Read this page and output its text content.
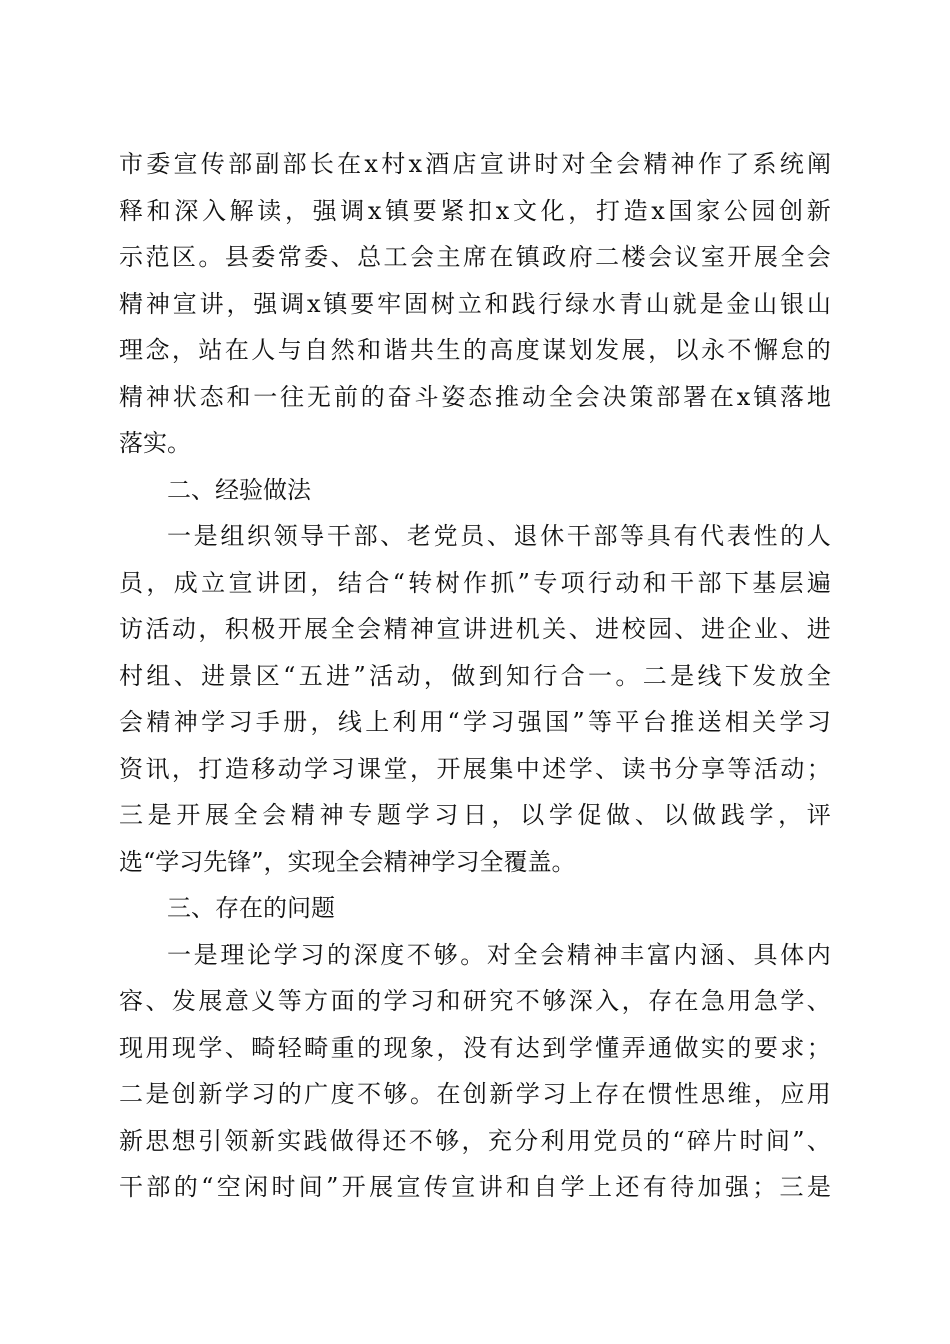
市 委 宣 传 部 副 部 长 在 x 村 x 酒 店 宣 讲 时 对 全 会 精 神 作 了 系 统 阐
释 和 深 入 解 读 ， 强 调 x 镇 要 紧 扣 x 文 化 ， 打 造 x 国 家 公 园 创 新
示 范 区 。 县 委 常 委 、 总 工 会 主 席 在 镇 政 府 二 楼 会 议 室 开 展 全 会
精 神 宣 讲 ， 强 调 x 镇 要 牢 固 树 立 和 践 行 绿 水 青 山 就 是 金 山 银 山
理 念 ， 站 在 人 与 自 然 和 谐 共 生 的 高 度 谋 划 发 展 ， 以 永 不 懈 怠 的
精 神 状 态 和 一 往 无 前 的 奋 斗 姿 态 推 动 全 会 决 策 部 署 在 x 镇 落 地
落实。
二、经验做法
一 是 组 织 领 导 干 部 、 老 党 员 、 退 休 干 部 等 具 有 代 表 性 的 人
员 ， 成 立 宣 讲 团 ， 结 合 “ 转 树 作 抓 ” 专 项 行 动 和 干 部 下 基 层 遍
访 活 动 ， 积 极 开 展 全 会 精 神 宣 讲 进 机 关 、 进 校 园 、 进 企 业 、 进
村 组 、 进 景 区 “ 五 进 ” 活 动 ， 做 到 知 行 合 一 。 二 是 线 下 发 放 全
会 精 神 学 习 手 册 ， 线 上 利 用 “ 学 习 强 国 ” 等 平 台 推 送 相 关 学 习
资 讯 ， 打 造 移 动 学 习 课 堂 ， 开 展 集 中 述 学 、 读 书 分 享 等 活 动 ；
三 是 开 展 全 会 精 神 专 题 学 习 日 ， 以 学 促 做 、 以 做 践 学 ， 评
选“学习先锋”，实现全会精神学习全覆盖。
三、存在的问题
一 是 理 论 学 习 的 深 度 不 够 。 对 全 会 精 神 丰 富 内 涵 、 具 体 内
容 、 发 展 意 义 等 方 面 的 学 习 和 研 究 不 够 深 入 ， 存 在 急 用 急 学 、
现 用 现 学 、 畸 轻 畸 重 的 现 象 ， 没 有 达 到 学 懂 弄 通 做 实 的 要 求 ；
二 是 创 新 学 习 的 广 度 不 够 。 在 创 新 学 习 上 存 在 惯 性 思 维 ， 应 用
新 思 想 引 领 新 实 践 做 得 还 不 够 ， 充 分 利 用 党 员 的 “ 碎 片 时 间 ” 、
干 部 的 “ 空 闲 时 间 ” 开 展 宣 传 宣 讲 和 自 学 上 还 有 待 加 强 ； 三 是
